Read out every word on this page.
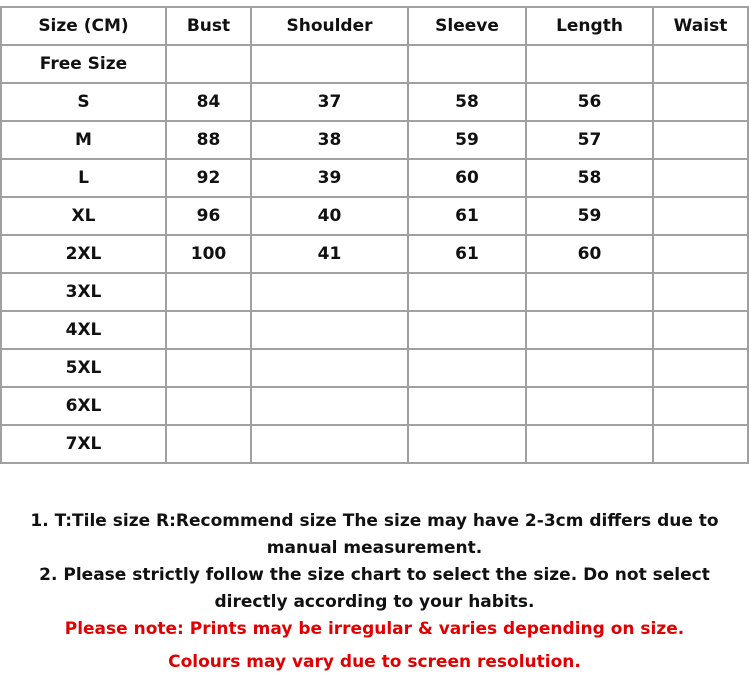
Size (CM)	Bust	Shoulder	Sleeve	Length	Waist
Free Size					
S	84	37	58	56	
M	88	38	59	57	
L	92	39	60	58	
XL	96	40	61	59	
2XL	100	41	61	60	
3XL					
4XL					
5XL					
6XL					
7XL					
1. T:Tile size R:Recommend size The size may have 2-3cm differs due to manual measurement.
2. Please strictly follow the size chart to select the size. Do not select directly according to your habits.
Please note: Prints may be irregular & varies depending on size.
Colours may vary due to screen resolution.
